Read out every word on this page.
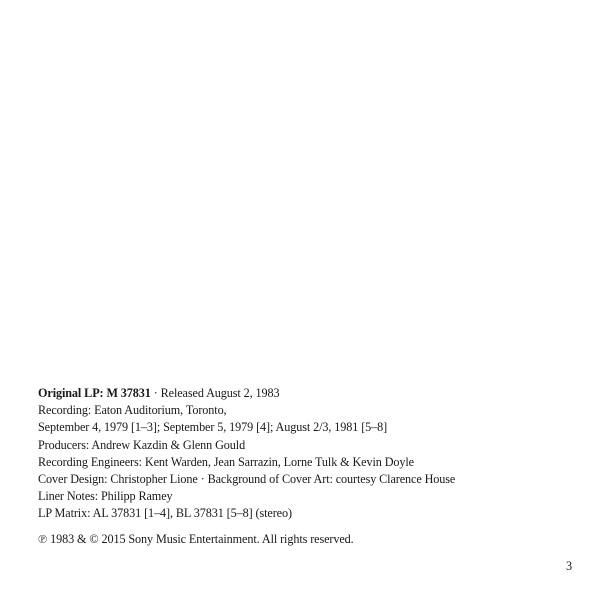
Original LP: M 37831 · Released August 2, 1983
Recording: Eaton Auditorium, Toronto,
September 4, 1979 [1–3]; September 5, 1979 [4]; August 2/3, 1981 [5–8]
Producers: Andrew Kazdin & Glenn Gould
Recording Engineers: Kent Warden, Jean Sarrazin, Lorne Tulk & Kevin Doyle
Cover Design: Christopher Lione · Background of Cover Art: courtesy Clarence House
Liner Notes: Philipp Ramey
LP Matrix: AL 37831 [1–4], BL 37831 [5–8] (stereo)
℗ 1983 & © 2015 Sony Music Entertainment. All rights reserved.
3
